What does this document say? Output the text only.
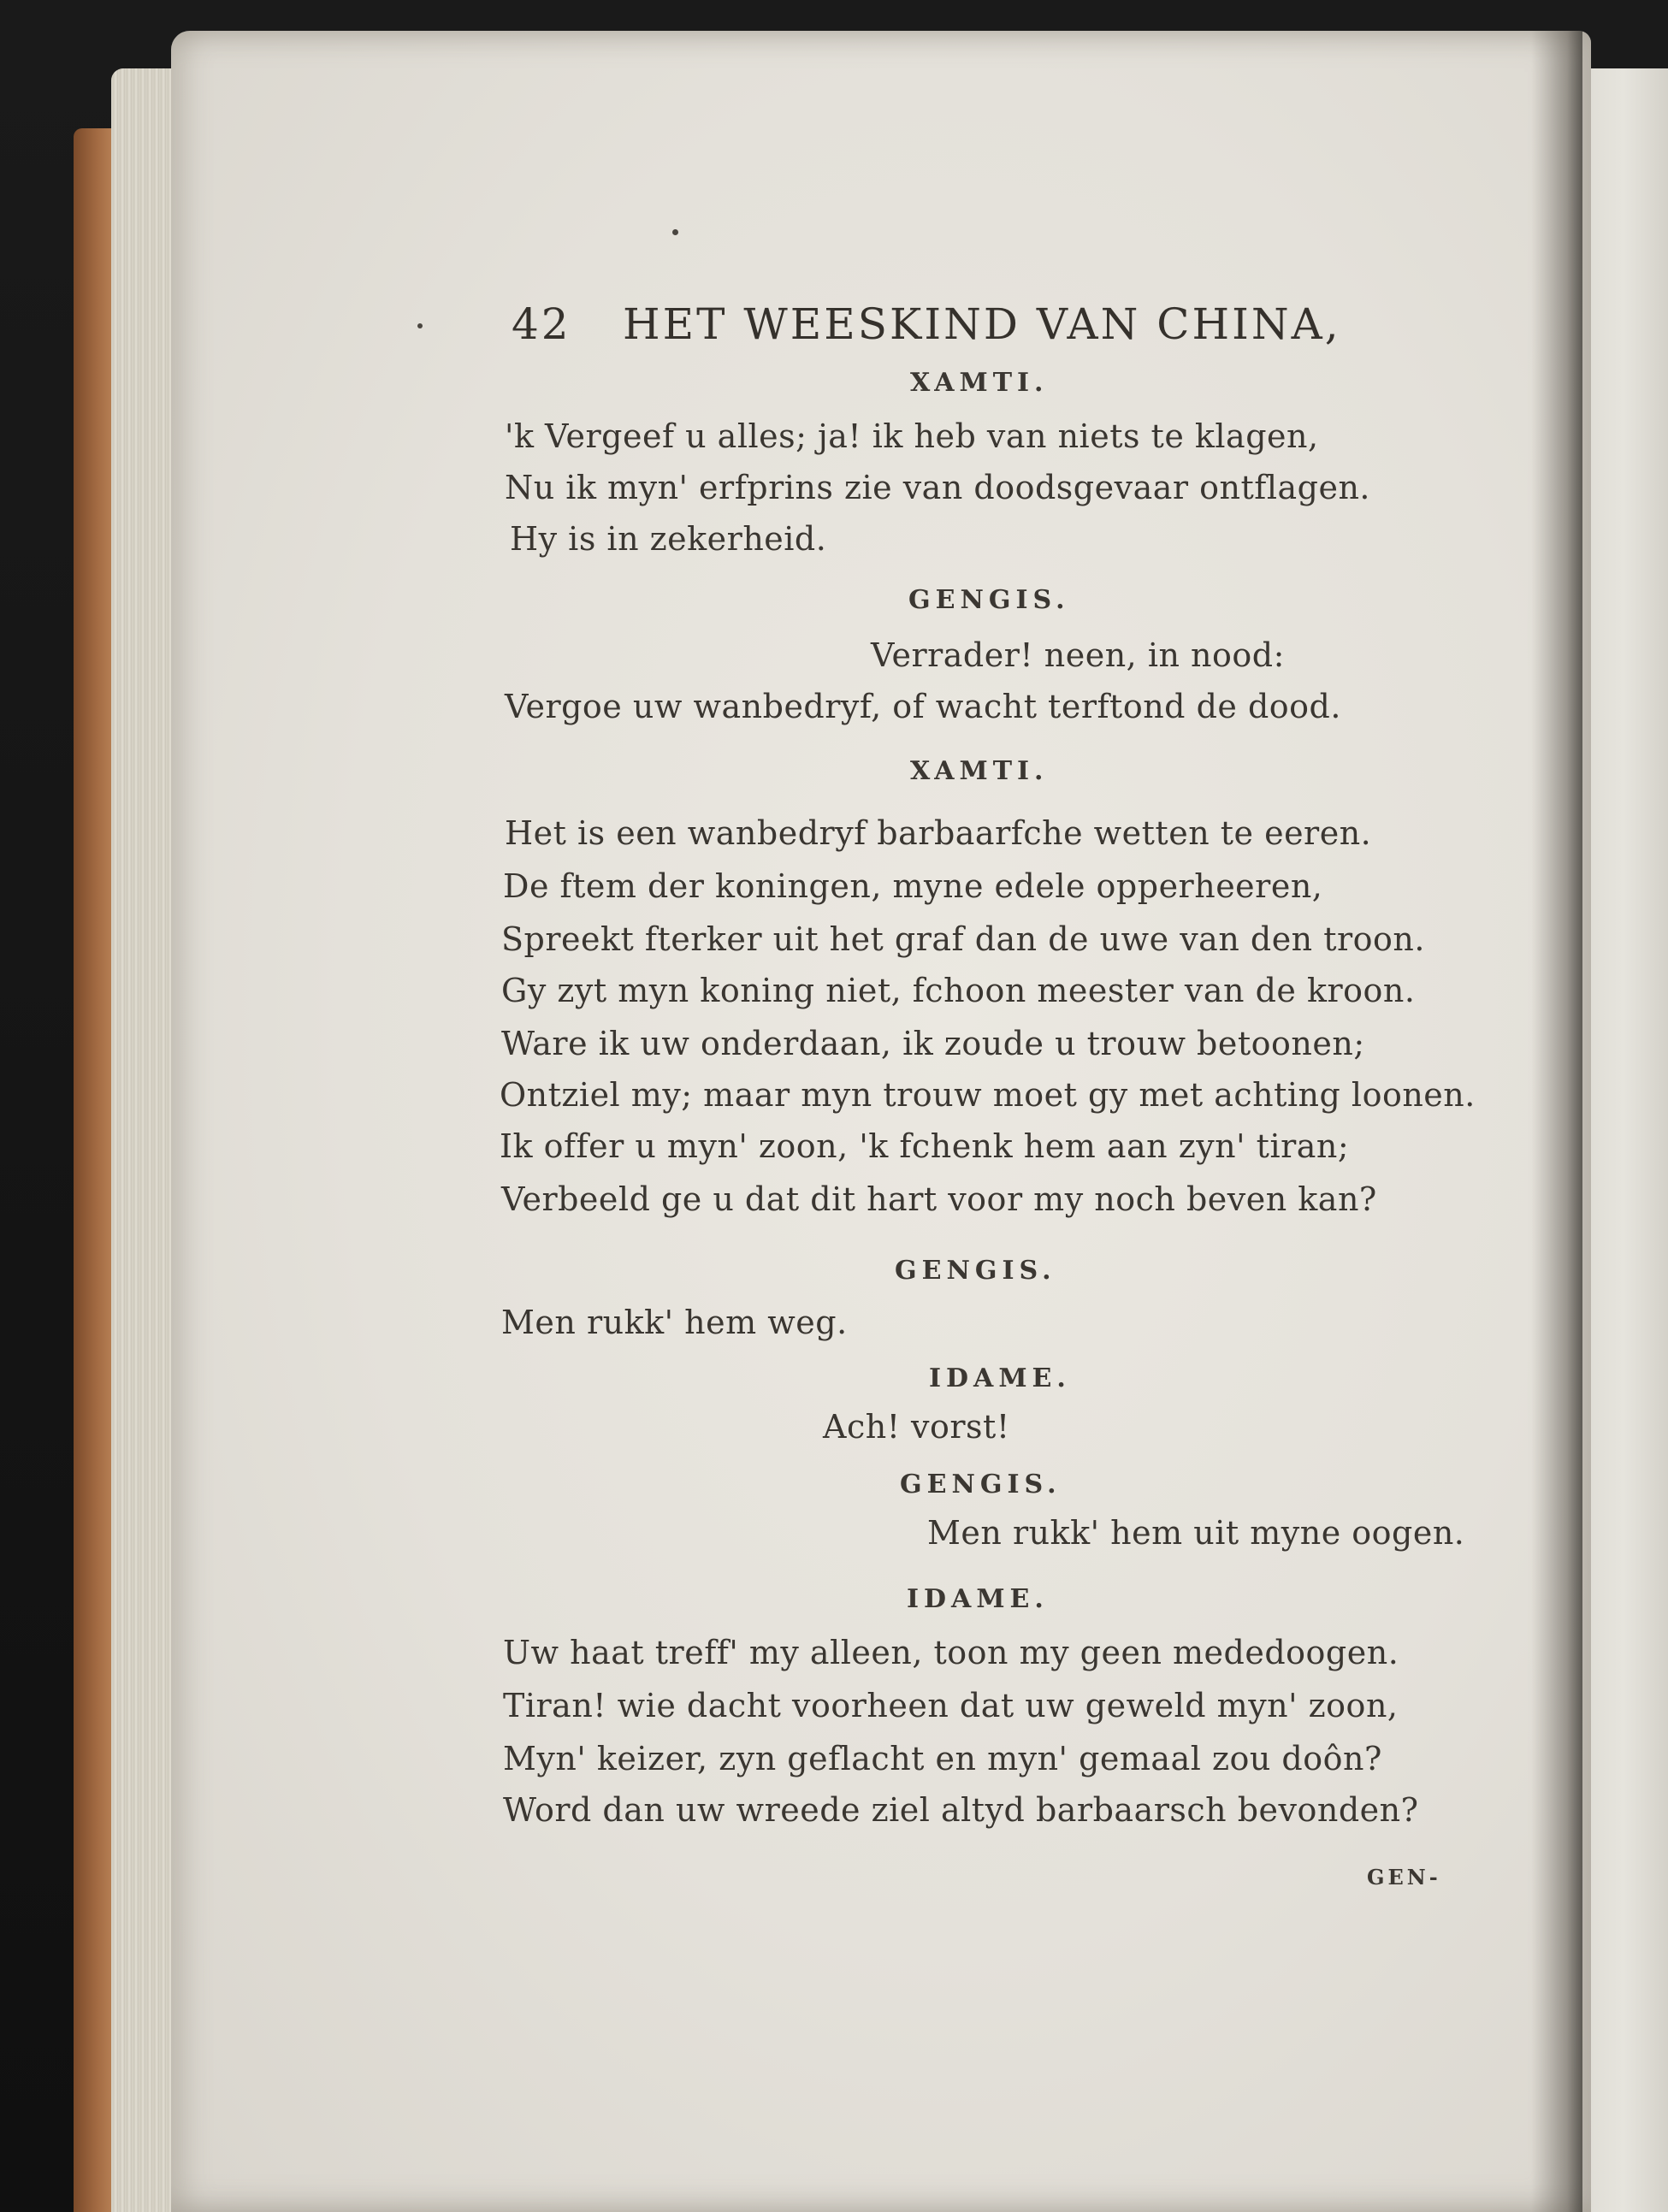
42 HET WEESKIND VAN CHINA,
XAMTI.
'k Vergeef u alles; ja! ik heb van niets te klagen,
Nu ik myn' erfprins zie van doodsgevaar ontflagen.
Hy is in zekerheid.
GENGIS.
Verrader! neen, in nood:
Vergoe uw wanbedryf, of wacht terftond de dood.
XAMTI.
Het is een wanbedryf barbaarfche wetten te eeren.
De ftem der koningen, myne edele opperheeren,
Spreekt fterker uit het graf dan de uwe van den troon.
Gy zyt myn koning niet, fchoon meester van de kroon.
Ware ik uw onderdaan, ik zoude u trouw betoonen;
Ontziel my; maar myn trouw moet gy met achting loonen.
Ik offer u myn' zoon, 'k fchenk hem aan zyn' tiran;
Verbeeld ge u dat dit hart voor my noch beven kan?
GENGIS.
Men rukk' hem weg.
IDAME.
Ach! vorst!
GENGIS.
Men rukk' hem uit myne oogen.
IDAME.
Uw haat treff' my alleen, toon my geen mededoogen.
Tiran! wie dacht voorheen dat uw geweld myn' zoon,
Myn' keizer, zyn geflacht en myn' gemaal zou doôn?
Word dan uw wreede ziel altyd barbaarsch bevonden?
GEN-
